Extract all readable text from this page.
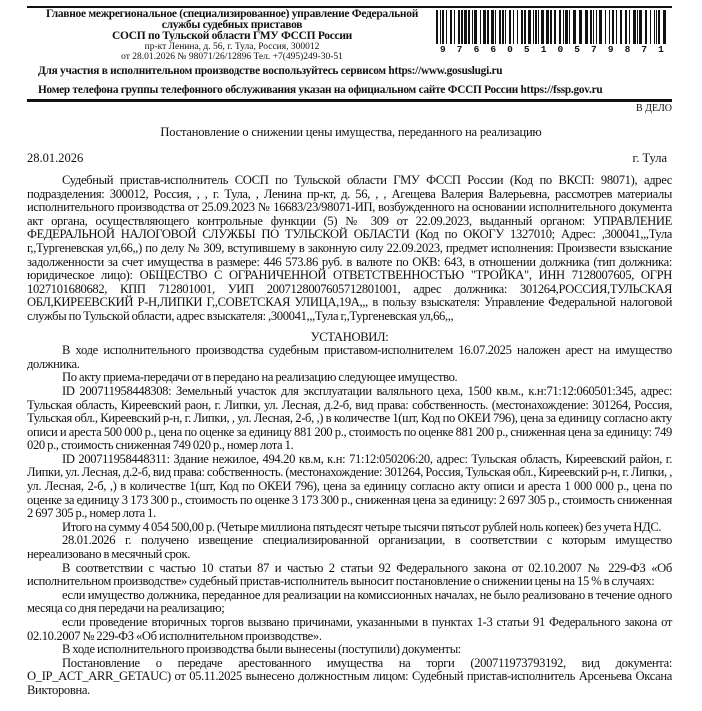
Главное межрегиональное (специализированное) управление Федеральной
службы судебных приставов
СОСП по Тульской области ГМУ ФССП России
пр-кт Ленина, д. 56, г. Тула, Россия, 300012
от 28.01.2026 № 98071/26/12896 Тел. +7(495)249-30-51
9 7 6 6 0 5 1 0 5 7 9 8 7 1
Для участия в исполнительном производстве воспользуйтесь сервисом https://www.gosuslugi.ru
Номер телефона группы телефонного обслуживания указан на официальном сайте ФССП России https://fssp.gov.ru
В ДЕЛО
Постановление о снижении цены имущества, переданного на реализацию
28.01.2026	г. Тула

Судебный пристав-исполнитель СОСП по Тульской области ГМУ ФССП России (Код по ВКСП: 98071), адрес подразделения: 300012, Россия, , , г. Тула, , Ленина пр-кт, д. 56, , , Агещева Валерия Валерьевна, рассмотрев материалы исполнительного производства от 25.09.2023 № 16683/23/98071-ИП, возбужденного на основании исполнительного документа акт органа, осуществляющего контрольные функции (5) № 309 от 22.09.2023, выданный органом: УПРАВЛЕНИЕ ФЕДЕРАЛЬНОЙ НАЛОГОВОЙ СЛУЖБЫ ПО ТУЛЬСКОЙ ОБЛАСТИ (Код по ОКОГУ 1327010; Адрес: ,300041,,,Тула г,,Тургеневская ул,66,,) по делу № 309, вступившему в законную силу 22.09.2023, предмет исполнения: Произвести взыскание задолженности за счет имущества в размере: 446 573.86 руб. в валюте по ОКВ: 643, в отношении должника (тип должника: юридическое лицо): ОБЩЕСТВО С ОГРАНИЧЕННОЙ ОТВЕТСТВЕННОСТЬЮ "ТРОЙКА", ИНН 7128007605, ОГРН 1027101680682, КПП 712801001, УИП 2007128007605712801001, адрес должника: 301264,РОССИЯ,ТУЛЬСКАЯ ОБЛ,КИРЕЕВСКИЙ Р-Н,ЛИПКИ Г,,СОВЕТСКАЯ УЛИЦА,19А,,, в пользу взыскателя: Управление Федеральной налоговой службы по Тульской области, адрес взыскателя: ,300041,,,Тула г,,Тургеневская ул,66,,,

УСТАНОВИЛ:

В ходе исполнительного производства судебным приставом-исполнителем 16.07.2025 наложен арест на имущество должника.

По акту приема-передачи от в передано на реализацию следующее имущество.

ID 200711958448308: Земельный участок для эксплуатации валяльного цеха, 1500 кв.м., к.н:71:12:060501:345, адрес: Тульская область, Киреевский раон, г. Липки, ул. Лесная, д.2-б, вид права: собственность. (местонахождение: 301264, Россия, Тульская обл., Киреевский р-н, г. Липки, , ул. Лесная, 2-б, ,) в количестве 1(шт, Код по ОКЕИ 796), цена за единицу согласно акту описи и ареста 500 000 р., цена по оценке за единицу 881 200 р., стоимость по оценке 881 200 р., сниженная цена за единицу: 749 020 р., стоимость сниженная 749 020 р., номер лота 1.

ID 200711958448311: Здание нежилое, 494.20 кв.м, к.н: 71:12:050206:20, адрес: Тульская область, Киреевский район, г. Липки, ул. Лесная, д.2-б, вид права: собственность. (местонахождение: 301264, Россия, Тульская обл., Киреевский р-н, г. Липки, , ул. Лесная, 2-б, ,) в количестве 1(шт, Код по ОКЕИ 796), цена за единицу согласно акту описи и ареста 1 000 000 р., цена по оценке за единицу 3 173 300 р., стоимость по оценке 3 173 300 р., сниженная цена за единицу: 2 697 305 р., стоимость сниженная 2 697 305 р., номер лота 1.

Итого на сумму 4 054 500,00 р. (Четыре миллиона пятьдесят четыре тысячи пятьсот рублей ноль копеек) без учета НДС.

28.01.2026 г. получено извещение специализированной организации, в соответствии с которым имущество нереализовано в месячный срок.

В соответствии с частью 10 статьи 87 и частью 2 статьи 92 Федерального закона от 02.10.2007 № 229-ФЗ «Об исполнительном производстве» судебный пристав-исполнитель выносит постановление о снижении цены на 15 % в случаях:

если имущество должника, переданное для реализации на комиссионных началах, не было реализовано в течение одного месяца со дня передачи на реализацию;

если проведение вторичных торгов вызвано причинами, указанными в пунктах 1-3 статьи 91 Федерального закона от 02.10.2007 № 229-ФЗ «Об исполнительном производстве».

В ходе исполнительного производства были вынесены (поступили) документы:

Постановление о передаче арестованного имущества на торги (200711973793192, вид документа: O_IP_ACT_ARR_GETAUC) от 05.11.2025 вынесено должностным лицом: Судебный пристав-исполнитель Арсеньева Оксана Викторовна.
